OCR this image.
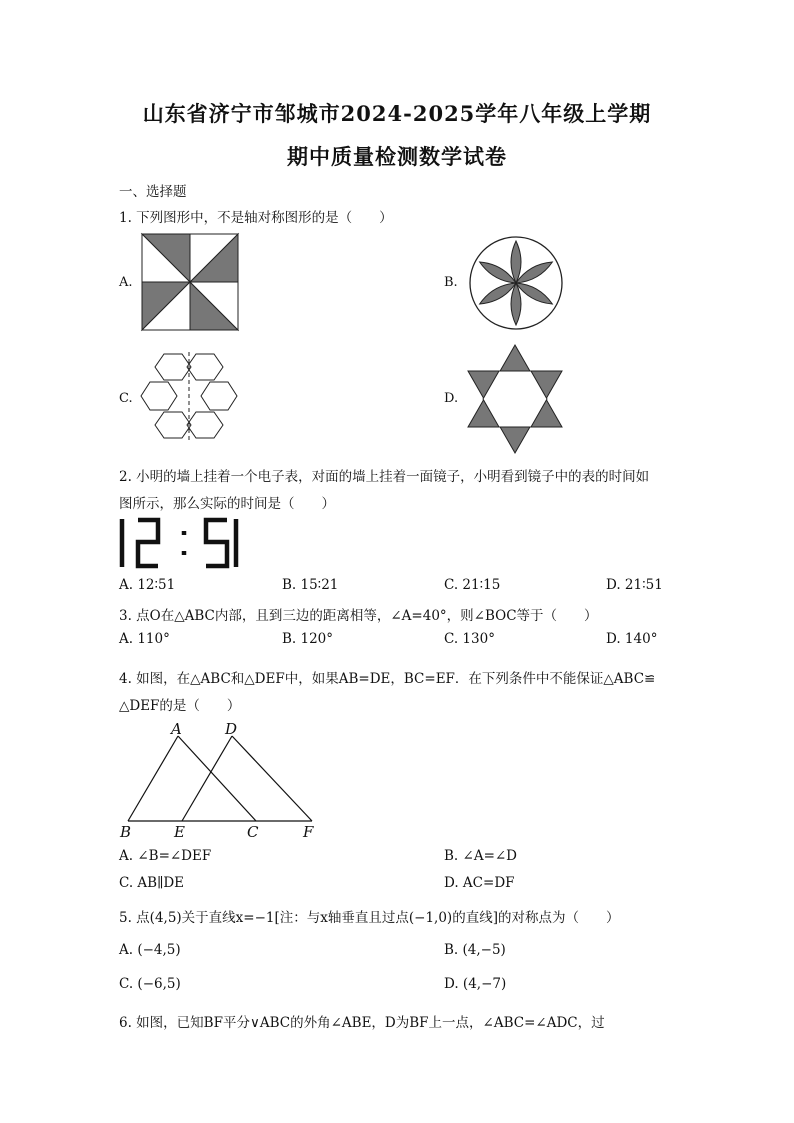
山东省济宁市邹城市2024-2025学年八年级上学期
期中质量检测数学试卷
一、选择题
1. 下列图形中，不是轴对称图形的是（　　）
A.	B.
C.	D.
2. 小明的墙上挂着一个电子表，对面的墙上挂着一面镜子，小明看到镜子中的表的时间如
图所示，那么实际的时间是（　　）
A. 12∶51	B. 15∶21	C. 21∶15	D. 21∶51
3. 点O在△ABC内部，且到三边的距离相等，∠A=40°，则∠BOC等于（　　）
A. 110°	B. 120°	C. 130°	D. 140°
4. 如图，在△ABC和△DEF中，如果AB=DE，BC=EF．在下列条件中不能保证△ABC≌
△DEF的是（　　）
A	D
B	E	C	F
A. ∠B=∠DEF	B. ∠A=∠D
C. AB∥DE	D. AC=DF
5. 点(4,5)关于直线x=−1[注：与x轴垂直且过点(−1,0)的直线]的对称点为（　　）
A. (−4,5)	B. (4,−5)
C. (−6,5)	D. (4,−7)
6. 如图，已知BF平分∨ABC的外角∠ABE，D为BF上一点，∠ABC=∠ADC，过
